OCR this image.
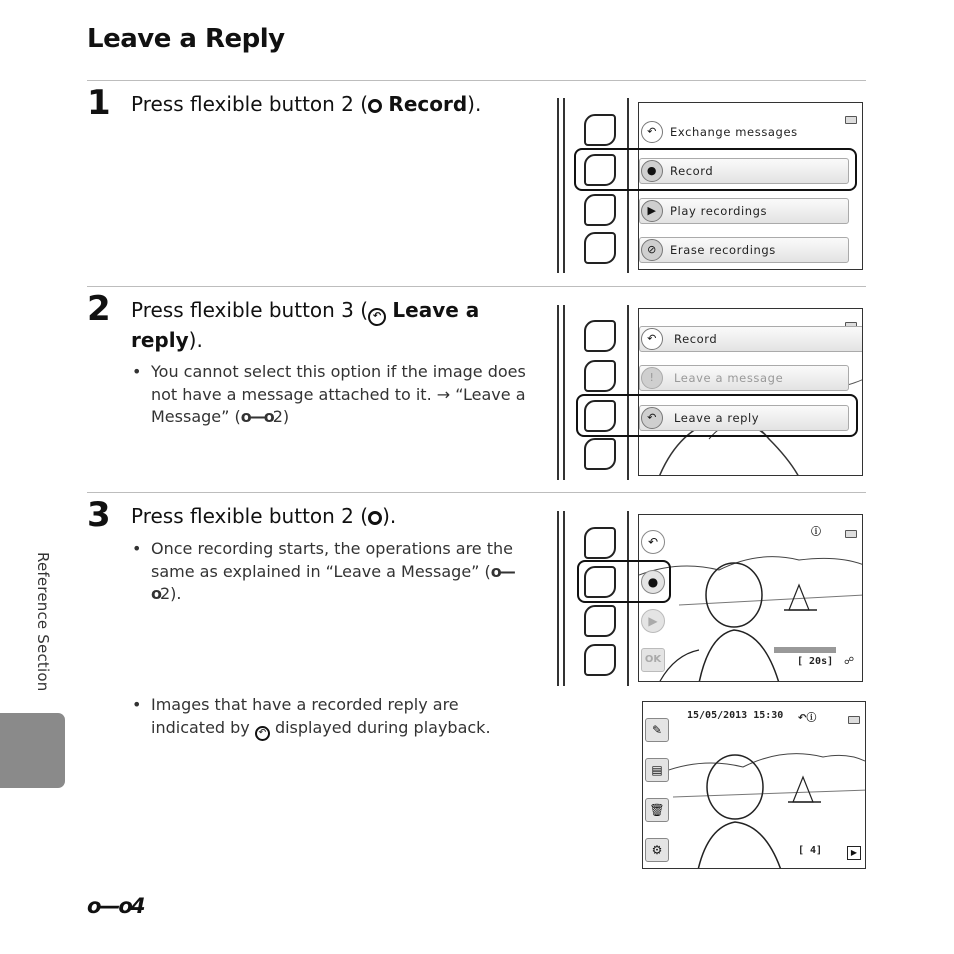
Leave a Reply
1 Press flexible button 2 ( Record).
↶	Exchange messages
●	Record
▶	Play recordings
⊘	Erase recordings
2 Press flexible button 3 ( ↶ Leave a reply).
• You cannot select this option if the image does not have a message attached to it. → “Leave a Message” (o—o2)
↶	Record
!	Leave a message
↶	Leave a reply
3 Press flexible button 2 ( ).
• Once recording starts, the operations are the same as explained in “Leave a Message” (o—o2).
↶
●
▶
OK
ⓘ
[ 20s] ☍
• Images that have a recorded reply are indicated by ↶ displayed during playback.	✎
▤
🗑
⚙
15/05/2013 15:30 ↶ⓘ
[ 4]	▶
Reference Section
o—o4
